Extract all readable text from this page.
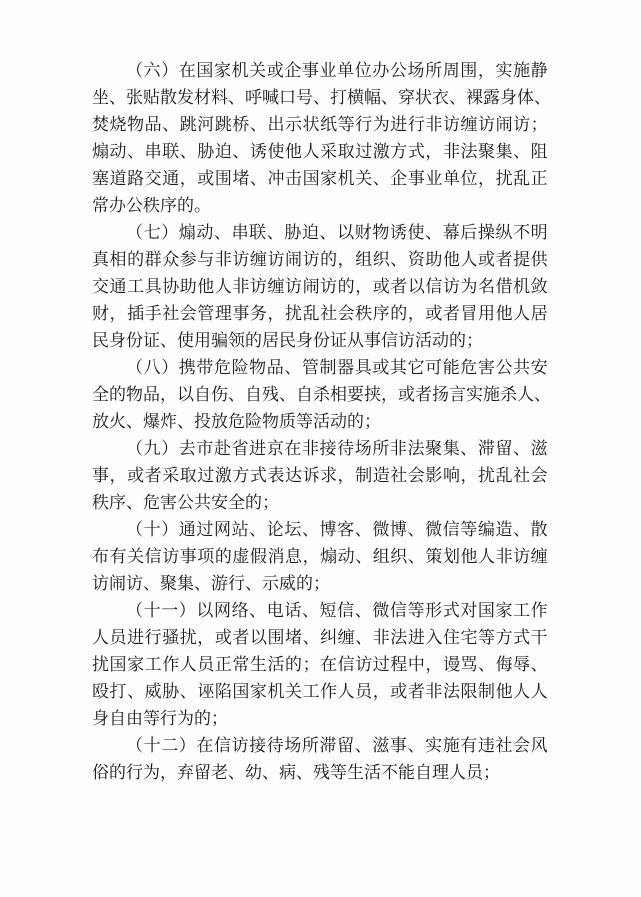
（ 六 ） 在 国 家 机 关 或 企 事 业 单 位 办 公 场 所 周 围 ， 实 施 静
坐 、 张 贴 散 发 材 料 、 呼 喊 口 号 、 打 横 幅 、 穿 状 衣 、 裸 露 身 体 、
焚 烧 物 品 、 跳 河 跳 桥 、 出 示 状 纸 等 行 为 进 行 非 访 缠 访 闹 访 ；
煽 动 、 串 联 、 胁 迫 、 诱 使 他 人 采 取 过 激 方 式 ， 非 法 聚 集 、 阻
塞 道 路 交 通 ， 或 围 堵 、 冲 击 国 家 机 关 、 企 事 业 单 位 ， 扰 乱 正
常办公秩序的。
（ 七 ） 煽 动 、 串 联 、 胁 迫 、 以 财 物 诱 使 、 幕 后 操 纵 不 明
真 相 的 群 众 参 与 非 访 缠 访 闹 访 的 ， 组 织 、 资 助 他 人 或 者 提 供
交 通 工 具 协 助 他 人 非 访 缠 访 闹 访 的 ， 或 者 以 信 访 为 名 借 机 敛
财 ， 插 手 社 会 管 理 事 务 ， 扰 乱 社 会 秩 序 的 ， 或 者 冒 用 他 人 居
民身份证、使用骗领的居民身份证从事信访活动的；
（ 八 ） 携 带 危 险 物 品 、 管 制 器 具 或 其 它 可 能 危 害 公 共 安
全 的 物 品 ， 以 自 伤 、 自 残 、 自 杀 相 要 挟 ， 或 者 扬 言 实 施 杀 人 、
放火、爆炸、投放危险物质等活动的；
（ 九 ） 去 市 赴 省 进 京 在 非 接 待 场 所 非 法 聚 集 、 滞 留 、 滋
事 ， 或 者 采 取 过 激 方 式 表 达 诉 求 ， 制 造 社 会 影 响 ， 扰 乱 社 会
秩序、危害公共安全的；
（ 十 ） 通 过 网 站 、 论 坛 、 博 客 、 微 博 、 微 信 等 编 造 、 散
布 有 关 信 访 事 项 的 虚 假 消 息 ， 煽 动 、 组 织 、 策 划 他 人 非 访 缠
访闹访、聚集、游行、示威的；
（ 十 一 ） 以 网 络 、 电 话 、 短 信 、 微 信 等 形 式 对 国 家 工 作
人 员 进 行 骚 扰 ， 或 者 以 围 堵 、 纠 缠 、 非 法 进 入 住 宅 等 方 式 干
扰 国 家 工 作 人 员 正 常 生 活 的 ； 在 信 访 过 程 中 ， 谩 骂 、 侮 辱 、
殴 打 、 威 胁 、 诬 陷 国 家 机 关 工 作 人 员 ， 或 者 非 法 限 制 他 人 人
身自由等行为的；
（ 十 二 ） 在 信 访 接 待 场 所 滞 留 、 滋 事 、 实 施 有 违 社 会 风
俗的行为，弃留老、幼、病、残等生活不能自理人员；
